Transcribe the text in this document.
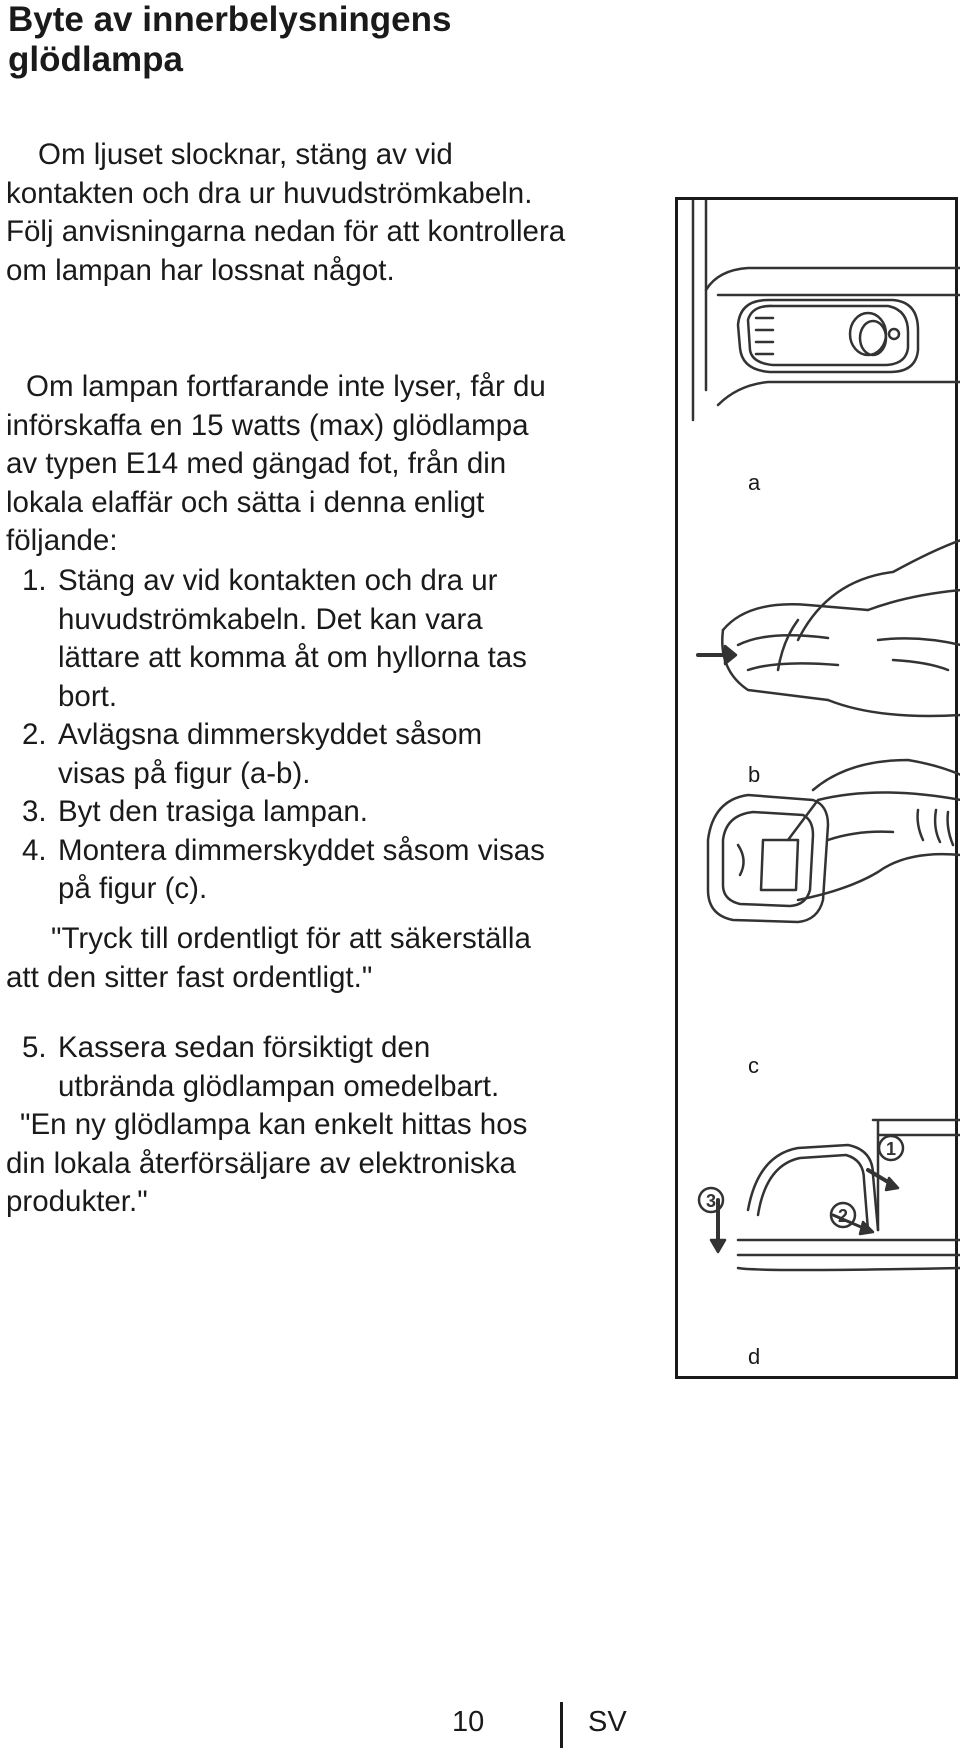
Byte av innerbelysningens glödlampa

Om ljuset slocknar, stäng av vid kontakten och dra ur huvudströmkabeln. Följ anvisningarna nedan för att kontrollera om lampan har lossnat något.

Om lampan fortfarande inte lyser, får du införskaffa en 15 watts (max) glödlampa av typen E14 med gängad fot, från din lokala elaffär och sätta i denna enligt följande:

1. Stäng av vid kontakten och dra ur huvudströmkabeln. Det kan vara lättare att komma åt om hyllorna tas bort.
2. Avlägsna dimmerskyddet såsom visas på figur (a-b).
3. Byt den trasiga lampan.
4. Montera dimmerskyddet såsom visas på figur (c).

"Tryck till ordentligt för att säkerställa att den sitter fast ordentligt."

5. Kassera sedan försiktigt den utbrända glödlampan omedelbart.

"En ny glödlampa kan enkelt hittas hos din lokala återförsäljare av elektroniska produkter."

1
2
3
a
b
c
d
10	SV
